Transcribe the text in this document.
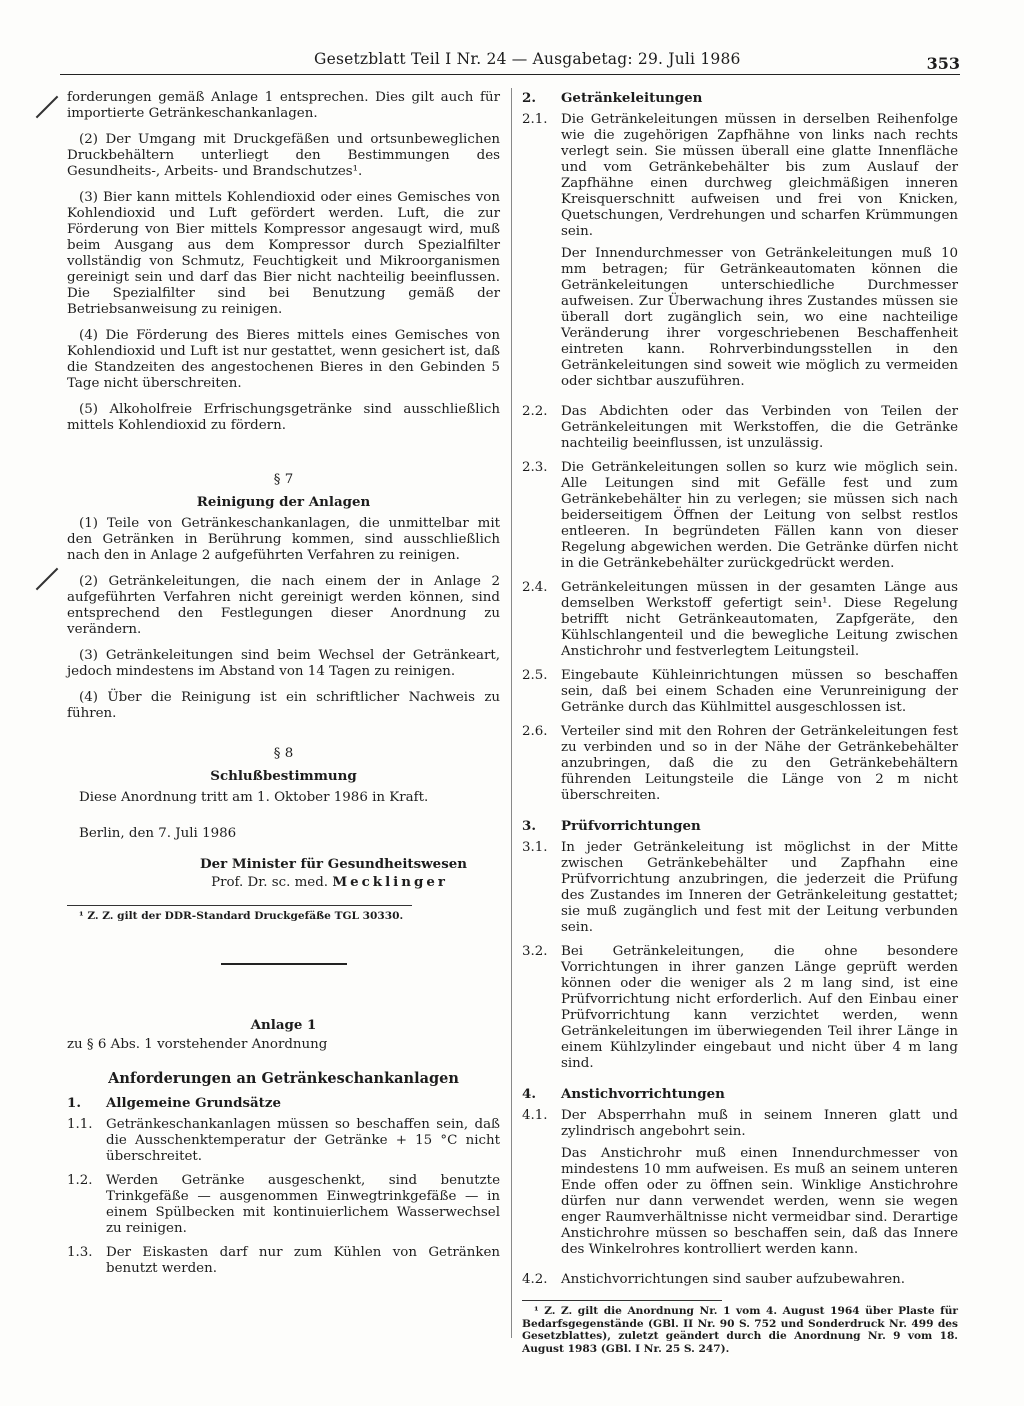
Gesetzblatt Teil I Nr. 24 — Ausgabetag: 29. Juli 1986	353

forderungen gemäß Anlage 1 entsprechen. Dies gilt auch für importierte Getränkeschankanlagen.

(2) Der Umgang mit Druckgefäßen und ortsunbeweglichen Druckbehältern unterliegt den Bestimmungen des Gesundheits-, Arbeits- und Brandschutzes¹.

(3) Bier kann mittels Kohlendioxid oder eines Gemisches von Kohlendioxid und Luft gefördert werden. Luft, die zur Förderung von Bier mittels Kompressor angesaugt wird, muß beim Ausgang aus dem Kompressor durch Spezialfilter vollständig von Schmutz, Feuchtigkeit und Mikroorganismen gereinigt sein und darf das Bier nicht nachteilig beeinflussen. Die Spezialfilter sind bei Benutzung gemäß der Betriebsanweisung zu reinigen.

(4) Die Förderung des Bieres mittels eines Gemisches von Kohlendioxid und Luft ist nur gestattet, wenn gesichert ist, daß die Standzeiten des angestochenen Bieres in den Gebinden 5 Tage nicht überschreiten.

(5) Alkoholfreie Erfrischungsgetränke sind ausschließlich mittels Kohlendioxid zu fördern.

§ 7
Reinigung der Anlagen

(1) Teile von Getränkeschankanlagen, die unmittelbar mit den Getränken in Berührung kommen, sind ausschließlich nach den in Anlage 2 aufgeführten Verfahren zu reinigen.

(2) Getränkeleitungen, die nach einem der in Anlage 2 aufgeführten Verfahren nicht gereinigt werden können, sind entsprechend den Festlegungen dieser Anordnung zu verändern.

(3) Getränkeleitungen sind beim Wechsel der Getränkeart, jedoch mindestens im Abstand von 14 Tagen zu reinigen.

(4) Über die Reinigung ist ein schriftlicher Nachweis zu führen.

§ 8
Schlußbestimmung

Diese Anordnung tritt am 1. Oktober 1986 in Kraft.

Berlin, den 7. Juli 1986

Der Minister für Gesundheitswesen
Prof. Dr. sc. med. Mecklinger
¹ Z. Z. gilt der DDR-Standard Druckgefäße TGL 30330.
Anlage 1
zu § 6 Abs. 1 vorstehender Anordnung
Anforderungen an Getränkeschankanlagen
1.	Allgemeine Grundsätze
1.1.	Getränkeschankanlagen müssen so beschaffen sein, daß die Ausschenktemperatur der Getränke + 15 °C nicht überschreitet.
1.2.	Werden Getränke ausgeschenkt, sind benutzte Trinkgefäße — ausgenommen Einwegtrinkgefäße — in einem Spülbecken mit kontinuierlichem Wasserwechsel zu reinigen.
1.3.	Der Eiskasten darf nur zum Kühlen von Getränken benutzt werden.
2.	Getränkeleitungen
2.1.	Die Getränkeleitungen müssen in derselben Reihenfolge wie die zugehörigen Zapfhähne von links nach rechts verlegt sein. Sie müssen überall eine glatte Innenfläche und vom Getränkebehälter bis zum Auslauf der Zapfhähne einen durchweg gleichmäßigen inneren Kreisquerschnitt aufweisen und frei von Knicken, Quetschungen, Verdrehungen und scharfen Krümmungen sein.

Der Innendurchmesser von Getränkeleitungen muß 10 mm betragen; für Getränkeautomaten können die Getränkeleitungen unterschiedliche Durchmesser aufweisen. Zur Überwachung ihres Zustandes müssen sie überall dort zugänglich sein, wo eine nachteilige Veränderung ihrer vorgeschriebenen Beschaffenheit eintreten kann. Rohrverbindungsstellen in den Getränkeleitungen sind soweit wie möglich zu vermeiden oder sichtbar auszuführen.

2.2.	Das Abdichten oder das Verbinden von Teilen der Getränkeleitungen mit Werkstoffen, die die Getränke nachteilig beeinflussen, ist unzulässig.
2.3.	Die Getränkeleitungen sollen so kurz wie möglich sein. Alle Leitungen sind mit Gefälle fest und zum Getränkebehälter hin zu verlegen; sie müssen sich nach beiderseitigem Öffnen der Leitung von selbst restlos entleeren. In begründeten Fällen kann von dieser Regelung abgewichen werden. Die Getränke dürfen nicht in die Getränkebehälter zurückgedrückt werden.
2.4.	Getränkeleitungen müssen in der gesamten Länge aus demselben Werkstoff gefertigt sein¹. Diese Regelung betrifft nicht Getränkeautomaten, Zapfgeräte, den Kühlschlangenteil und die bewegliche Leitung zwischen Anstichrohr und festverlegtem Leitungsteil.
2.5.	Eingebaute Kühleinrichtungen müssen so beschaffen sein, daß bei einem Schaden eine Verunreinigung der Getränke durch das Kühlmittel ausgeschlossen ist.
2.6.	Verteiler sind mit den Rohren der Getränkeleitungen fest zu verbinden und so in der Nähe der Getränkebehälter anzubringen, daß die zu den Getränkebehältern führenden Leitungsteile die Länge von 2 m nicht überschreiten.
3.	Prüfvorrichtungen
3.1.	In jeder Getränkeleitung ist möglichst in der Mitte zwischen Getränkebehälter und Zapfhahn eine Prüfvorrichtung anzubringen, die jederzeit die Prüfung des Zustandes im Inneren der Getränkeleitung gestattet; sie muß zugänglich und fest mit der Leitung verbunden sein.
3.2.	Bei Getränkeleitungen, die ohne besondere Vorrichtungen in ihrer ganzen Länge geprüft werden können oder die weniger als 2 m lang sind, ist eine Prüfvorrichtung nicht erforderlich. Auf den Einbau einer Prüfvorrichtung kann verzichtet werden, wenn Getränkeleitungen im überwiegenden Teil ihrer Länge in einem Kühlzylinder eingebaut und nicht über 4 m lang sind.
4.	Anstichvorrichtungen
4.1.	Der Absperrhahn muß in seinem Inneren glatt und zylindrisch angebohrt sein.

Das Anstichrohr muß einen Innendurchmesser von mindestens 10 mm aufweisen. Es muß an seinem unteren Ende offen oder zu öffnen sein. Winklige Anstichrohre dürfen nur dann verwendet werden, wenn sie wegen enger Raumverhältnisse nicht vermeidbar sind. Derartige Anstichrohre müssen so beschaffen sein, daß das Innere des Winkelrohres kontrolliert werden kann.

4.2.	Anstichvorrichtungen sind sauber aufzubewahren.
¹ Z. Z. gilt die Anordnung Nr. 1 vom 4. August 1964 über Plaste für Bedarfsgegenstände (GBl. II Nr. 90 S. 752 und Sonderdruck Nr. 499 des Gesetzblattes), zuletzt geändert durch die Anordnung Nr. 9 vom 18. August 1983 (GBl. I Nr. 25 S. 247).
